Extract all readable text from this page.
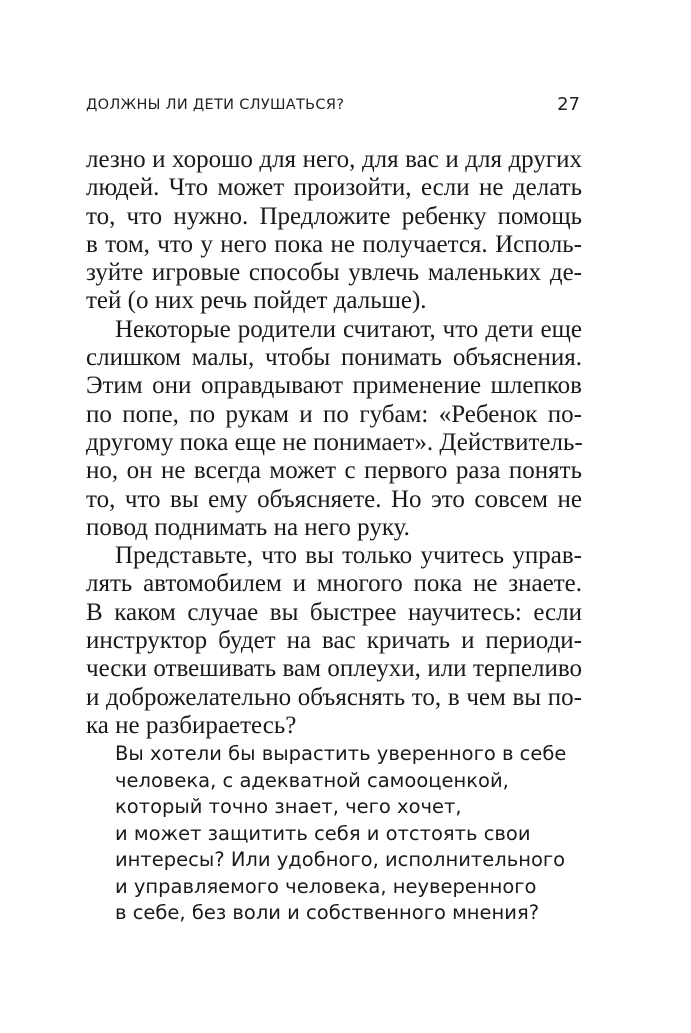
ДОЛЖНЫ ЛИ ДЕТИ СЛУШАТЬСЯ?	27
лезно и хорошо для него, для вас и для других
людей. Что может произойти, если не делать
то, что нужно. Предложите ребенку помощь
в том, что у него пока не получается. Исполь-
зуйте игровые способы увлечь маленьких де-
тей (о них речь пойдет дальше).
Некоторые родители считают, что дети еще
слишком малы, чтобы понимать объяснения.
Этим они оправдывают применение шлепков
по попе, по рукам и по губам: «Ребенок по-
другому пока еще не понимает». Действитель-
но, он не всегда может с первого раза понять
то, что вы ему объясняете. Но это совсем не
повод поднимать на него руку.
Представьте, что вы только учитесь управ-
лять автомобилем и многого пока не знаете.
В каком случае вы быстрее научитесь: если
инструктор будет на вас кричать и периоди-
чески отвешивать вам оплеухи, или терпеливо
и доброжелательно объяснять то, в чем вы по-
ка не разбираетесь?
Вы хотели бы вырастить уверенного в себе
человека, с адекватной самооценкой,
который точно знает, чего хочет,
и может защитить себя и отстоять свои
интересы? Или удобного, исполнительного
и управляемого человека, неуверенного
в себе, без воли и собственного мнения?
